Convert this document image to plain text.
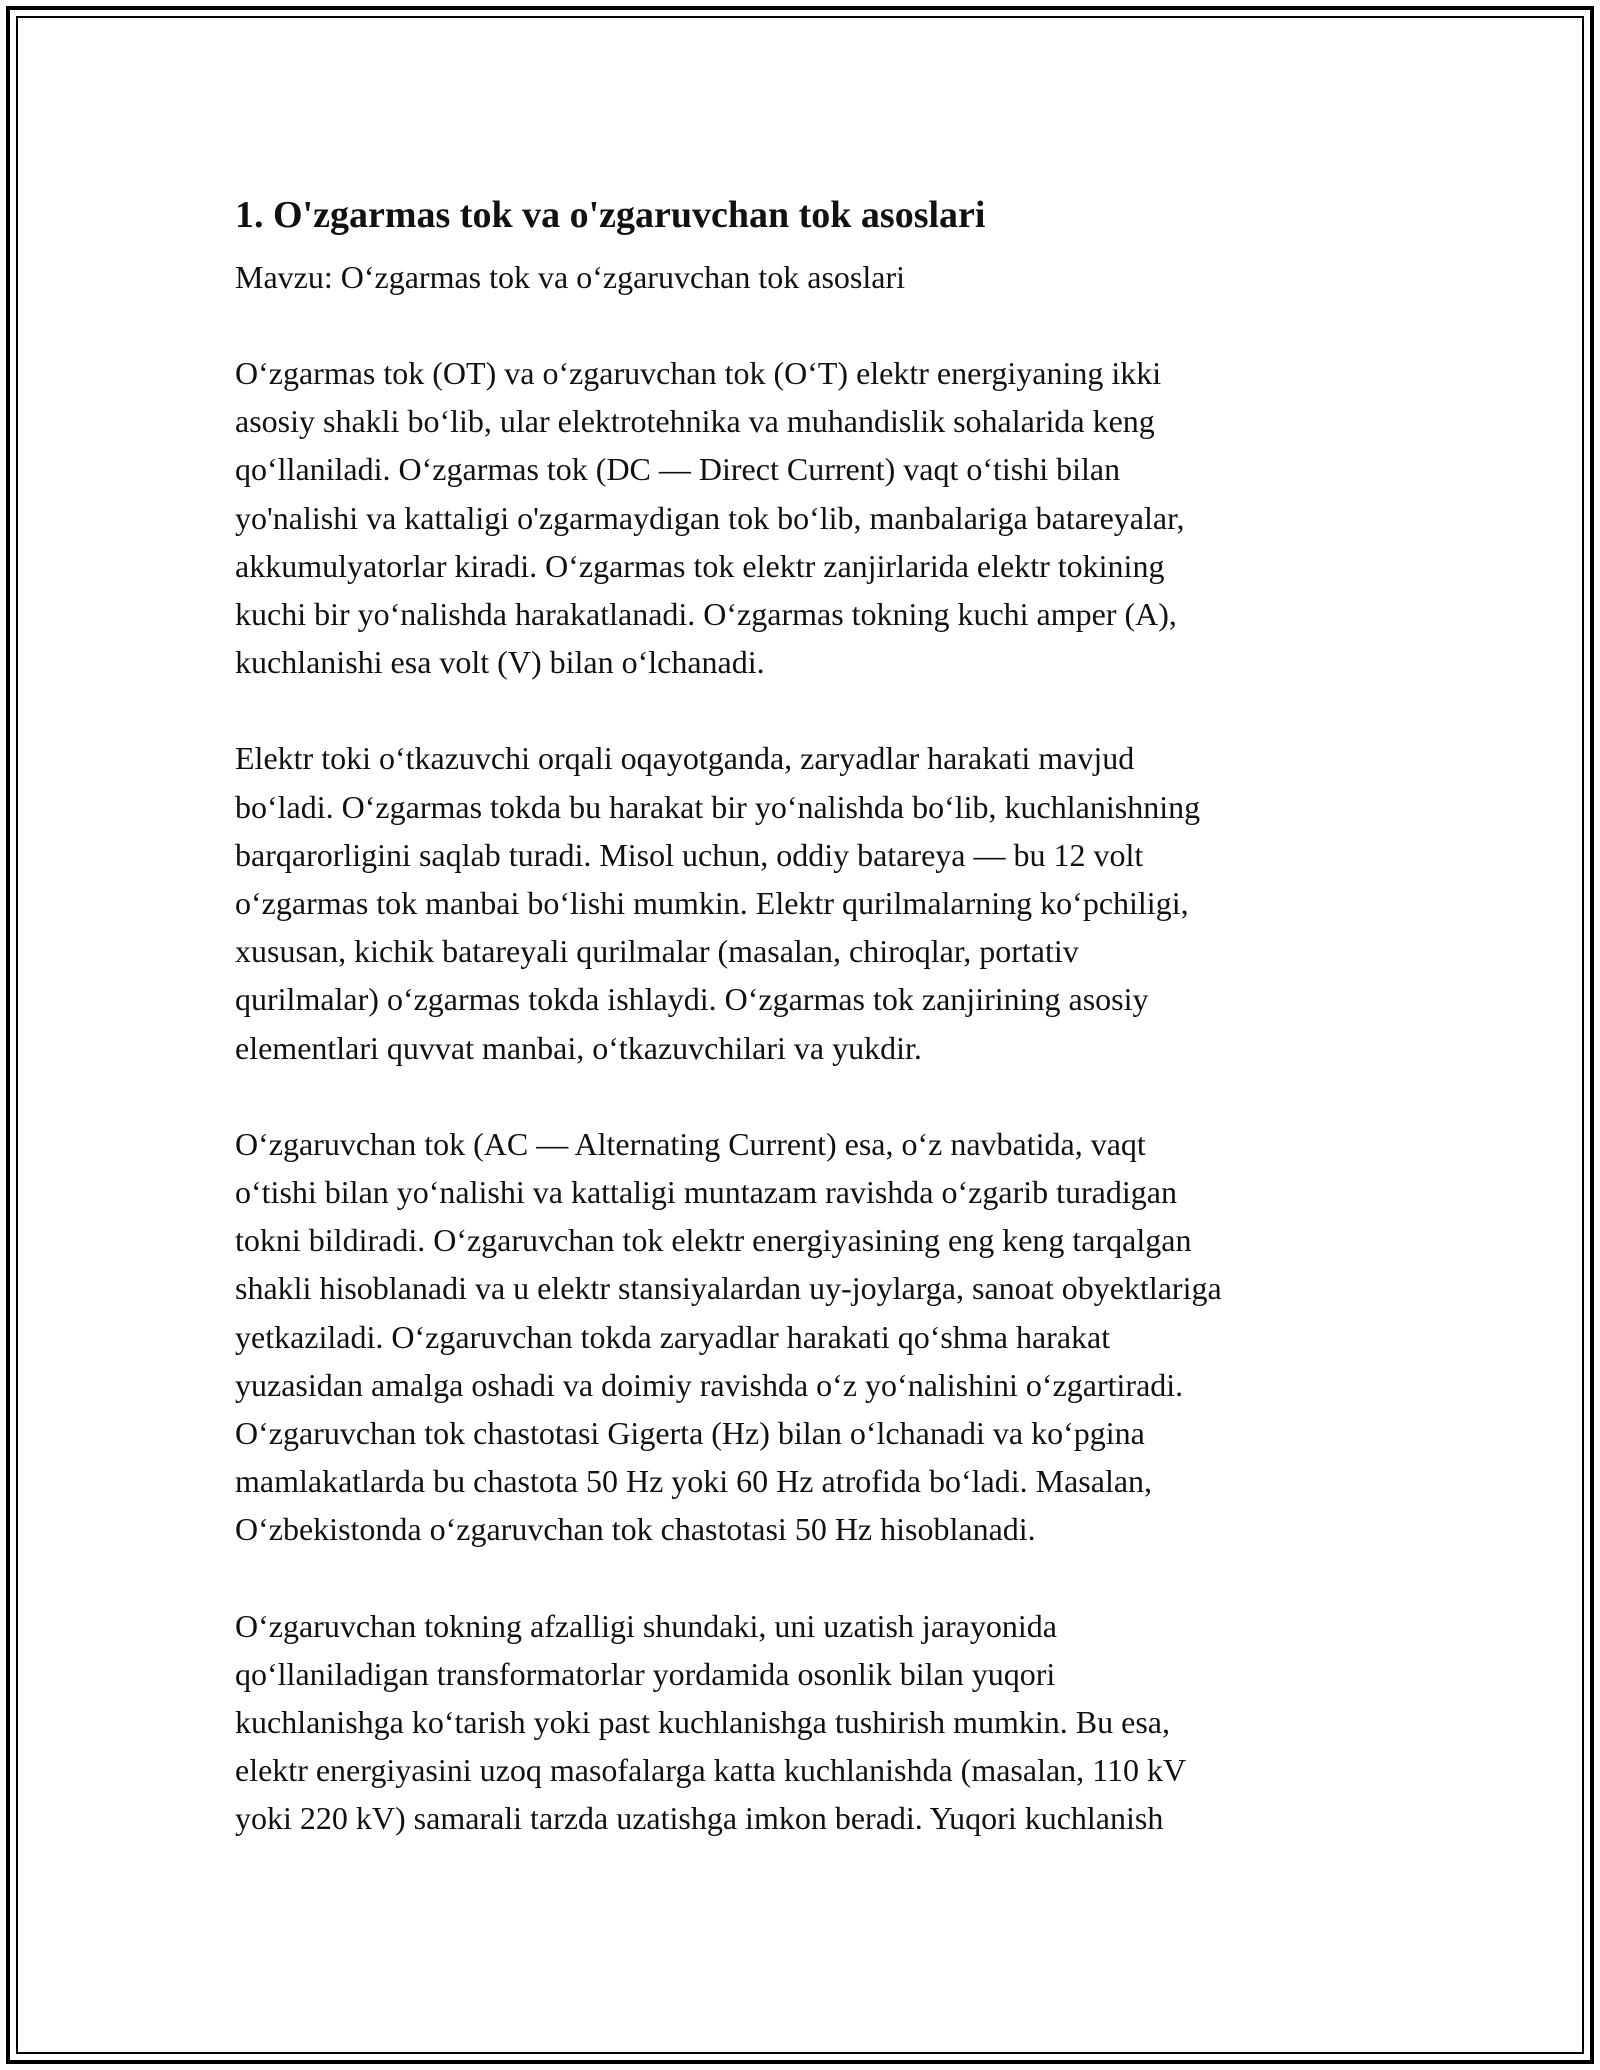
1. O'zgarmas tok va o'zgaruvchan tok asoslari

Mavzu: O‘zgarmas tok va o‘zgaruvchan tok asoslari

O‘zgarmas tok (OT) va o‘zgaruvchan tok (O‘T) elektr energiyaning ikki
asosiy shakli bo‘lib, ular elektrotehnika va muhandislik sohalarida keng
qo‘llaniladi. O‘zgarmas tok (DC — Direct Current) vaqt o‘tishi bilan
yo'nalishi va kattaligi o'zgarmaydigan tok bo‘lib, manbalariga batareyalar,
akkumulyatorlar kiradi. O‘zgarmas tok elektr zanjirlarida elektr tokining
kuchi bir yo‘nalishda harakatlanadi. O‘zgarmas tokning kuchi amper (A),
kuchlanishi esa volt (V) bilan o‘lchanadi.

Elektr toki o‘tkazuvchi orqali oqayotganda, zaryadlar harakati mavjud
bo‘ladi. O‘zgarmas tokda bu harakat bir yo‘nalishda bo‘lib, kuchlanishning
barqarorligini saqlab turadi. Misol uchun, oddiy batareya — bu 12 volt
o‘zgarmas tok manbai bo‘lishi mumkin. Elektr qurilmalarning ko‘pchiligi,
xususan, kichik batareyali qurilmalar (masalan, chiroqlar, portativ
qurilmalar) o‘zgarmas tokda ishlaydi. O‘zgarmas tok zanjirining asosiy
elementlari quvvat manbai, o‘tkazuvchilari va yukdir.

O‘zgaruvchan tok (AC — Alternating Current) esa, o‘z navbatida, vaqt
o‘tishi bilan yo‘nalishi va kattaligi muntazam ravishda o‘zgarib turadigan
tokni bildiradi. O‘zgaruvchan tok elektr energiyasining eng keng tarqalgan
shakli hisoblanadi va u elektr stansiyalardan uy-joylarga, sanoat obyektlariga
yetkaziladi. O‘zgaruvchan tokda zaryadlar harakati qo‘shma harakat
yuzasidan amalga oshadi va doimiy ravishda o‘z yo‘nalishini o‘zgartiradi.
O‘zgaruvchan tok chastotasi Gigerta (Hz) bilan o‘lchanadi va ko‘pgina
mamlakatlarda bu chastota 50 Hz yoki 60 Hz atrofida bo‘ladi. Masalan,
O‘zbekistonda o‘zgaruvchan tok chastotasi 50 Hz hisoblanadi.

O‘zgaruvchan tokning afzalligi shundaki, uni uzatish jarayonida
qo‘llaniladigan transformatorlar yordamida osonlik bilan yuqori
kuchlanishga ko‘tarish yoki past kuchlanishga tushirish mumkin. Bu esa,
elektr energiyasini uzoq masofalarga katta kuchlanishda (masalan, 110 kV
yoki 220 kV) samarali tarzda uzatishga imkon beradi. Yuqori kuchlanish
